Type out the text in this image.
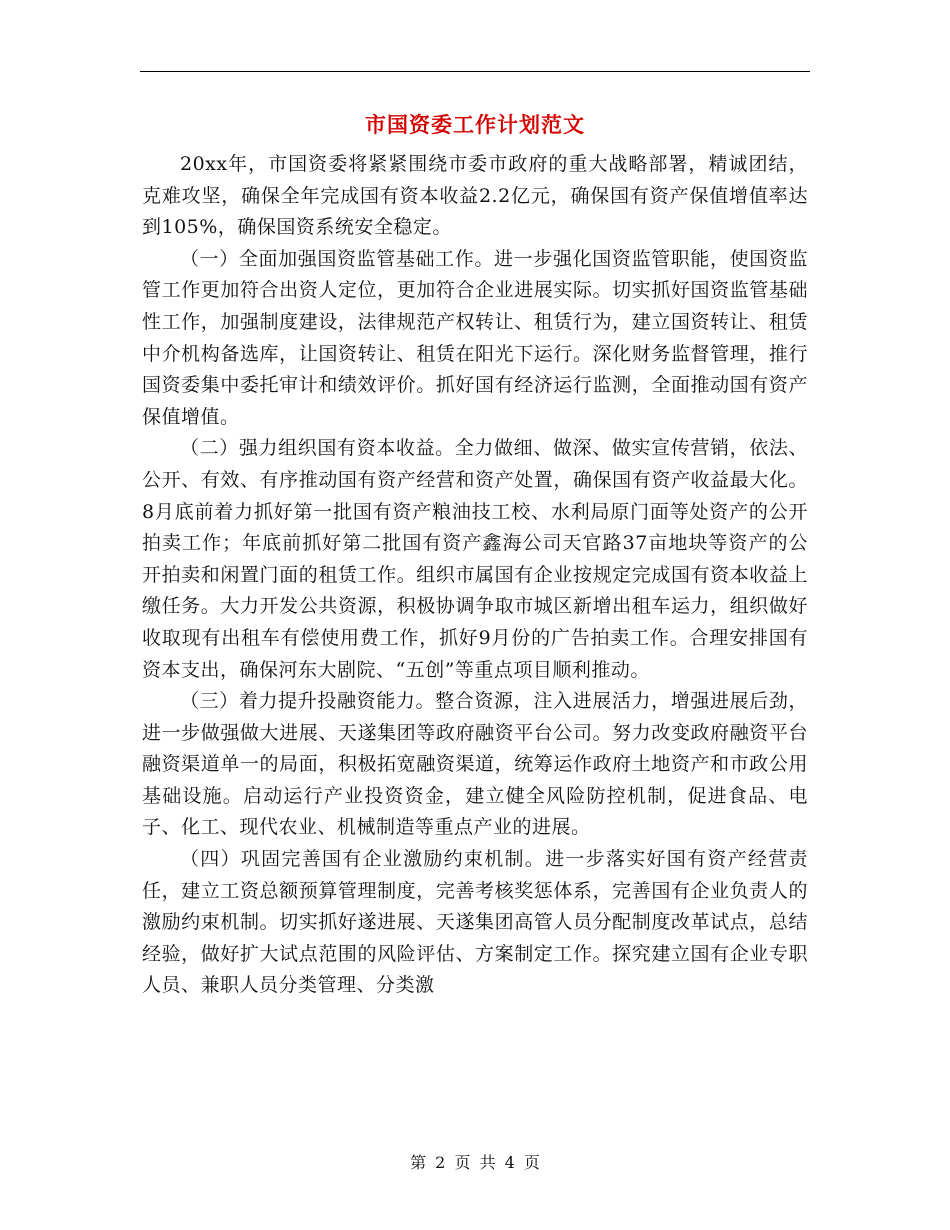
市国资委工作计划范文

20xx年，市国资委将紧紧围绕市委市政府的重大战略部署，精诚团结，克难攻坚，确保全年完成国有资本收益2.2亿元，确保国有资产保值增值率达到105%，确保国资系统安全稳定。

（一）全面加强国资监管基础工作。进一步强化国资监管职能，使国资监管工作更加符合出资人定位，更加符合企业进展实际。切实抓好国资监管基础性工作，加强制度建设，法律规范产权转让、租赁行为，建立国资转让、租赁中介机构备选库，让国资转让、租赁在阳光下运行。深化财务监督管理，推行国资委集中委托审计和绩效评价。抓好国有经济运行监测，全面推动国有资产保值增值。

（二）强力组织国有资本收益。全力做细、做深、做实宣传营销，依法、公开、有效、有序推动国有资产经营和资产处置，确保国有资产收益最大化。8月底前着力抓好第一批国有资产粮油技工校、水利局原门面等处资产的公开拍卖工作；年底前抓好第二批国有资产鑫海公司天官路37亩地块等资产的公开拍卖和闲置门面的租赁工作。组织市属国有企业按规定完成国有资本收益上缴任务。大力开发公共资源，积极协调争取市城区新增出租车运力，组织做好收取现有出租车有偿使用费工作，抓好9月份的广告拍卖工作。合理安排国有资本支出，确保河东大剧院、“五创”等重点项目顺利推动。

（三）着力提升投融资能力。整合资源，注入进展活力，增强进展后劲，进一步做强做大进展、天遂集团等政府融资平台公司。努力改变政府融资平台融资渠道单一的局面，积极拓宽融资渠道，统筹运作政府土地资产和市政公用基础设施。启动运行产业投资资金，建立健全风险防控机制，促进食品、电子、化工、现代农业、机械制造等重点产业的进展。

（四）巩固完善国有企业激励约束机制。进一步落实好国有资产经营责任，建立工资总额预算管理制度，完善考核奖惩体系，完善国有企业负责人的激励约束机制。切实抓好遂进展、天遂集团高管人员分配制度改革试点，总结经验，做好扩大试点范围的风险评估、方案制定工作。探究建立国有企业专职人员、兼职人员分类管理、分类激

第 2 页 共 4 页
